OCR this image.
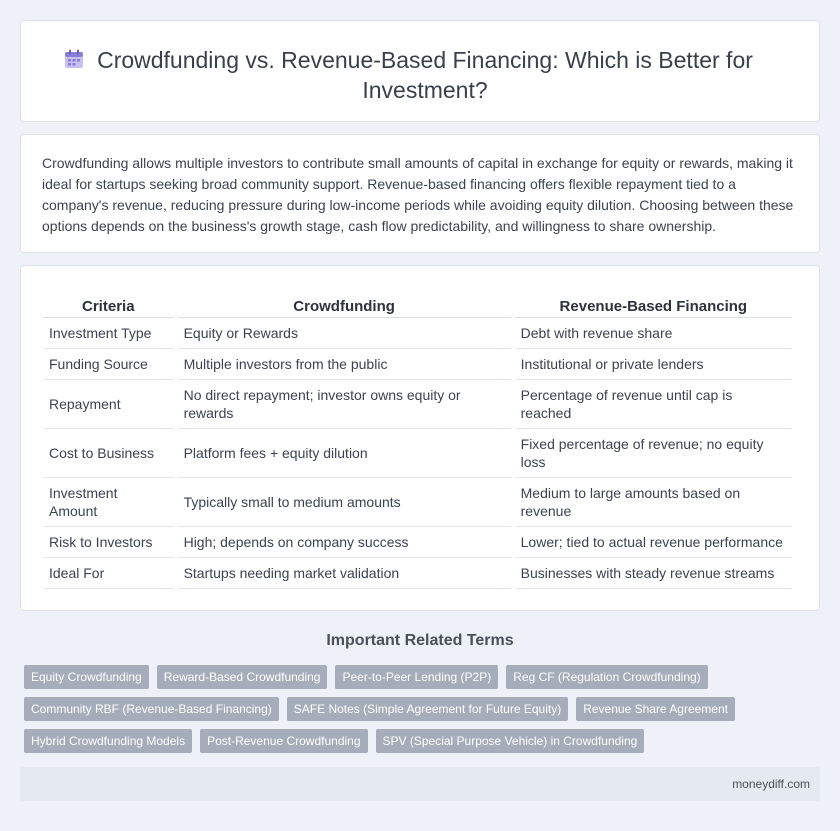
Crowdfunding vs. Revenue-Based Financing: Which is Better for Investment?

Crowdfunding allows multiple investors to contribute small amounts of capital in exchange for equity or rewards, making it ideal for startups seeking broad community support. Revenue-based financing offers flexible repayment tied to a company's revenue, reducing pressure during low-income periods while avoiding equity dilution. Choosing between these options depends on the business's growth stage, cash flow predictability, and willingness to share ownership.

Criteria	Crowdfunding	Revenue-Based Financing
Investment Type	Equity or Rewards	Debt with revenue share
Funding Source	Multiple investors from the public	Institutional or private lenders
Repayment	No direct repayment; investor owns equity or rewards	Percentage of revenue until cap is reached
Cost to Business	Platform fees + equity dilution	Fixed percentage of revenue; no equity loss
Investment Amount	Typically small to medium amounts	Medium to large amounts based on revenue
Risk to Investors	High; depends on company success	Lower; tied to actual revenue performance
Ideal For	Startups needing market validation	Businesses with steady revenue streams
Important Related Terms
Equity Crowdfunding	Reward-Based Crowdfunding	Peer-to-Peer Lending (P2P)	Reg CF (Regulation Crowdfunding)
Community RBF (Revenue-Based Financing)	SAFE Notes (Simple Agreement for Future Equity)	Revenue Share Agreement
Hybrid Crowdfunding Models	Post-Revenue Crowdfunding	SPV (Special Purpose Vehicle) in Crowdfunding
moneydiff.com
